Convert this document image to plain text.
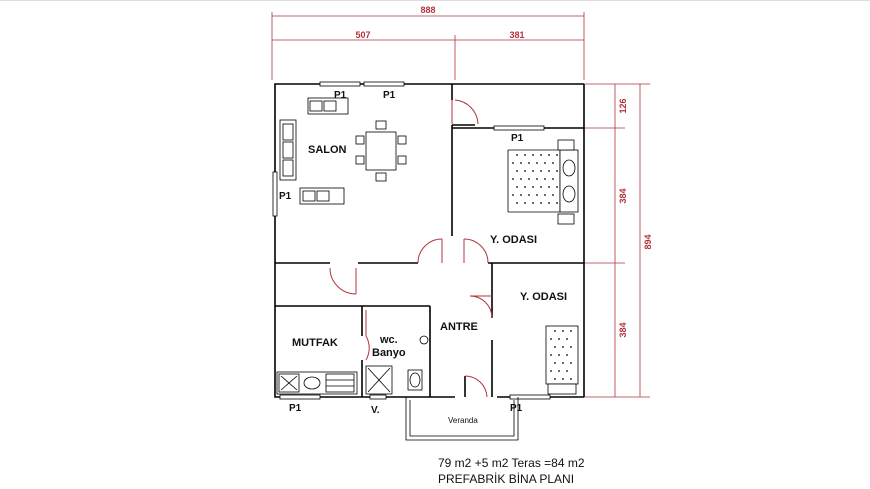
888
507	381
126
384
894
384
SALON
Y. ODASI
Y. ODASI
MUTFAK	wc.
Banyo
ANTRE
Veranda
P1	P1
P1
P1
P1	V.	P1
79 m2 +5 m2 Teras =84 m2
PREFABRİK BİNA PLANI
